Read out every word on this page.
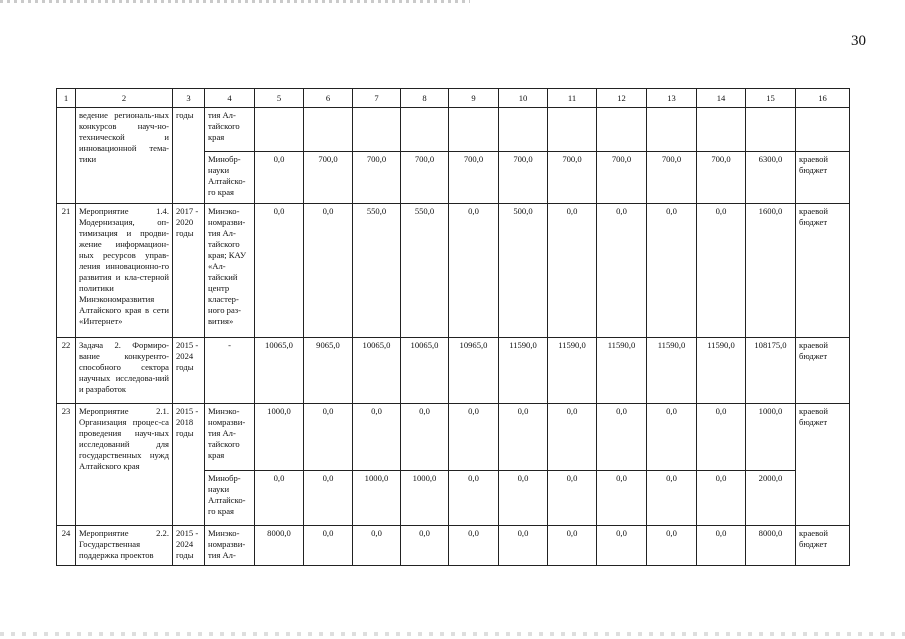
30
1	2	3	4	5	6	7	8	9	10	11	12	13	14	15	16
	ведение региональ-ных конкурсов науч-но-технической и инновационной тема-тики	годы	тия Ал-тайского края												
			Минобр-науки Алтайско-го края	0,0	700,0	700,0	700,0	700,0	700,0	700,0	700,0	700,0	700,0	6300,0	краевой бюджет
21	Мероприятие 1.4. Модернизация, оп-тимизация и продви-жение информацион-ных ресурсов управ-ления инновационно-го развития и кла-стерной политики Минэкономразвития Алтайского края в сети «Интернет»	2017 - 2020 годы	Минэко-номразви-тия Ал-тайского края; КАУ «Ал-тайский центр кластер-ного раз-вития»	0,0	0,0	550,0	550,0	0,0	500,0	0,0	0,0	0,0	0,0	1600,0	краевой бюджет
22	Задача 2. Формиро-вание конкуренто-способного сектора научных исследова-ний и разработок	2015 - 2024 годы	-	10065,0	9065,0	10065,0	10065,0	10965,0	11590,0	11590,0	11590,0	11590,0	11590,0	108175,0	краевой бюджет
23	Мероприятие 2.1. Организация процес-са проведения науч-ных исследований для государственных нужд Алтайского края	2015 - 2018 годы	Минэко-номразви-тия Ал-тайского края	1000,0	0,0	0,0	0,0	0,0	0,0	0,0	0,0	0,0	0,0	1000,0	краевой бюджет
			Минобр-науки Алтайско-го края	0,0	0,0	1000,0	1000,0	0,0	0,0	0,0	0,0	0,0	0,0	2000,0	
24	Мероприятие 2.2. Государственная поддержка проектов	2015 - 2024 годы	Минэко-номразви-тия Ал-	8000,0	0,0	0,0	0,0	0,0	0,0	0,0	0,0	0,0	0,0	8000,0	краевой бюджет
